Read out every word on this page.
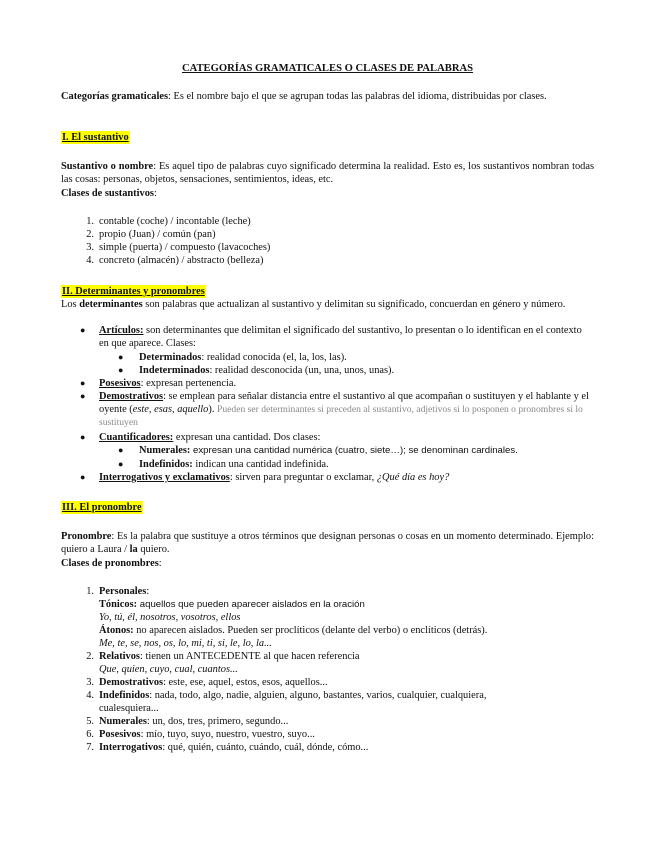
CATEGORÍAS GRAMATICALES O CLASES DE PALABRAS
Categorías gramaticales: Es el nombre bajo el que se agrupan todas las palabras del idioma, distribuidas por clases.
I. El sustantivo
Sustantivo o nombre: Es aquel tipo de palabras cuyo significado determina la realidad. Esto es, los sustantivos nombran todas las cosas: personas, objetos, sensaciones, sentimientos, ideas, etc.
Clases de sustantivos:
1. contable (coche) / incontable (leche)
2. propio (Juan) / común (pan)
3. simple (puerta) / compuesto (lavacoches)
4. concreto (almacén) / abstracto (belleza)
II. Determinantes y pronombres
Los determinantes son palabras que actualizan al sustantivo y delimitan su significado, concuerdan en género y número.
● Artículos: son determinantes que delimitan el significado del sustantivo, lo presentan o lo identifican en el contexto en que aparece. Clases:
● Determinados: realidad conocida (el, la, los, las).
● Indeterminados: realidad desconocida (un, una, unos, unas).
● Posesivos: expresan pertenencia.
● Demostrativos: se emplean para señalar distancia entre el sustantivo al que acompañan o sustituyen y el hablante y el oyente (este, esas, aquello). Pueden ser determinantes si preceden al sustantivo, adjetivos si lo posponen o pronombres si lo sustituyen
● Cuantificadores: expresan una cantidad. Dos clases:
● Numerales: expresan una cantidad numérica (cuatro, siete…); se denominan cardinales.
● Indefinidos: indican una cantidad indefinida.
● Interrogativos y exclamativos: sirven para preguntar o exclamar, ¿Qué día es hoy?
III. El pronombre
Pronombre: Es la palabra que sustituye a otros términos que designan personas o cosas en un momento determinado. Ejemplo: quiero a Laura / la quiero.
Clases de pronombres:
1. Personales:
Tónicos: aquellos que pueden aparecer aislados en la oración
Yo, tú, él, nosotros, vosotros, ellos
Átonos: no aparecen aislados. Pueden ser proclíticos (delante del verbo) o enclíticos (detrás).
Me, te, se, nos, os, lo, mi, ti, si, le, lo, la...
2. Relativos: tienen un ANTECEDENTE al que hacen referencia
Que, quien, cuyo, cual, cuantos...
3. Demostrativos: este, ese, aquel, estos, esos, aquellos...
4. Indefinidos: nada, todo, algo, nadie, alguien, alguno, bastantes, varios, cualquier, cualquiera, cualesquiera...
5. Numerales: un, dos, tres, primero, segundo...
6. Posesivos: mío, tuyo, suyo, nuestro, vuestro, suyo...
7. Interrogativos: qué, quién, cuánto, cuándo, cuál, dónde, cómo...
